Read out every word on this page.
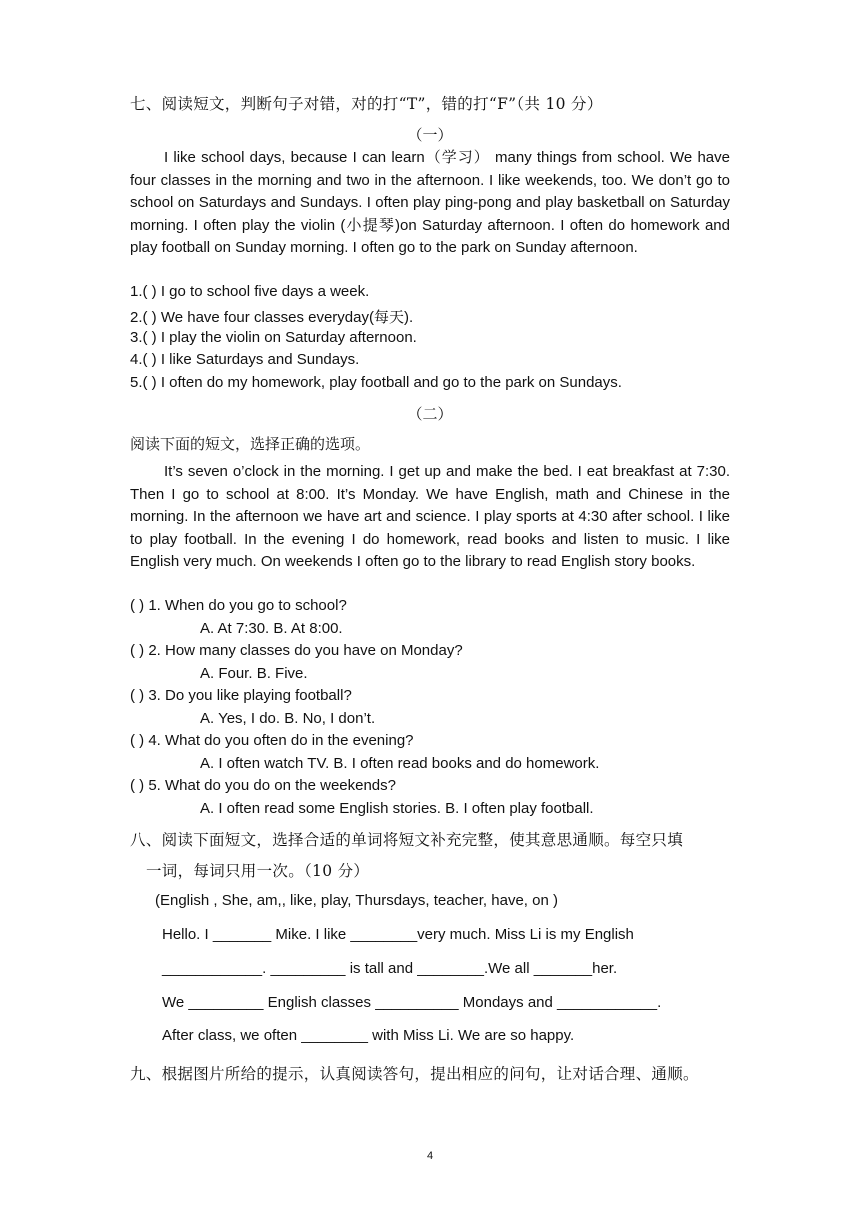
七、阅读短文，判断句子对错，对的打“T”，错的打“F”（共 10 分）
（一）
I like school days, because I can learn（学习） many things from school. We have four classes in the morning and two in the afternoon. I like weekends, too. We don’t go to school on Saturdays and Sundays. I often play ping-pong and play basketball on Saturday morning. I often play the violin (小提琴)on Saturday afternoon. I often do homework and play football on Sunday morning. I often go to the park on Sunday afternoon.
1.( ) I go to school five days a week.
2.( ) We have four classes everyday(每天).
3.( ) I play the violin on Saturday afternoon.
4.( ) I like Saturdays and Sundays.
5.( ) I often do my homework, play football and go to the park on Sundays.
（二）
阅读下面的短文，选择正确的选项。
It’s seven o’clock in the morning. I get up and make the bed. I eat breakfast at 7:30. Then I go to school at 8:00. It’s Monday. We have English, math and Chinese in the morning. In the afternoon we have art and science. I play sports at 4:30 after school. I like to play football. In the evening I do homework, read books and listen to music. I like English very much. On weekends I often go to the library to read English story books.
( ) 1. When do you go to school?
A. At 7:30. B. At 8:00.
( ) 2. How many classes do you have on Monday?
A. Four. B. Five.
( ) 3. Do you like playing football?
A. Yes, I do. B. No, I don’t.
( ) 4. What do you often do in the evening?
A. I often watch TV. B. I often read books and do homework.
( ) 5. What do you do on the weekends?
A. I often read some English stories. B. I often play football.
八、阅读下面短文，选择合适的单词将短文补充完整，使其意思通顺。每空只填
一词，每词只用一次。（10 分）
(English , She, am,, like, play, Thursdays, teacher, have, on )
Hello. I _______ Mike. I like ________very much. Miss Li is my English
____________. _________ is tall and ________.We all _______her.
We _________ English classes __________ Mondays and ____________.
After class, we often ________ with Miss Li. We are so happy.
九、根据图片所给的提示，认真阅读答句，提出相应的问句，让对话合理、通顺。
4
